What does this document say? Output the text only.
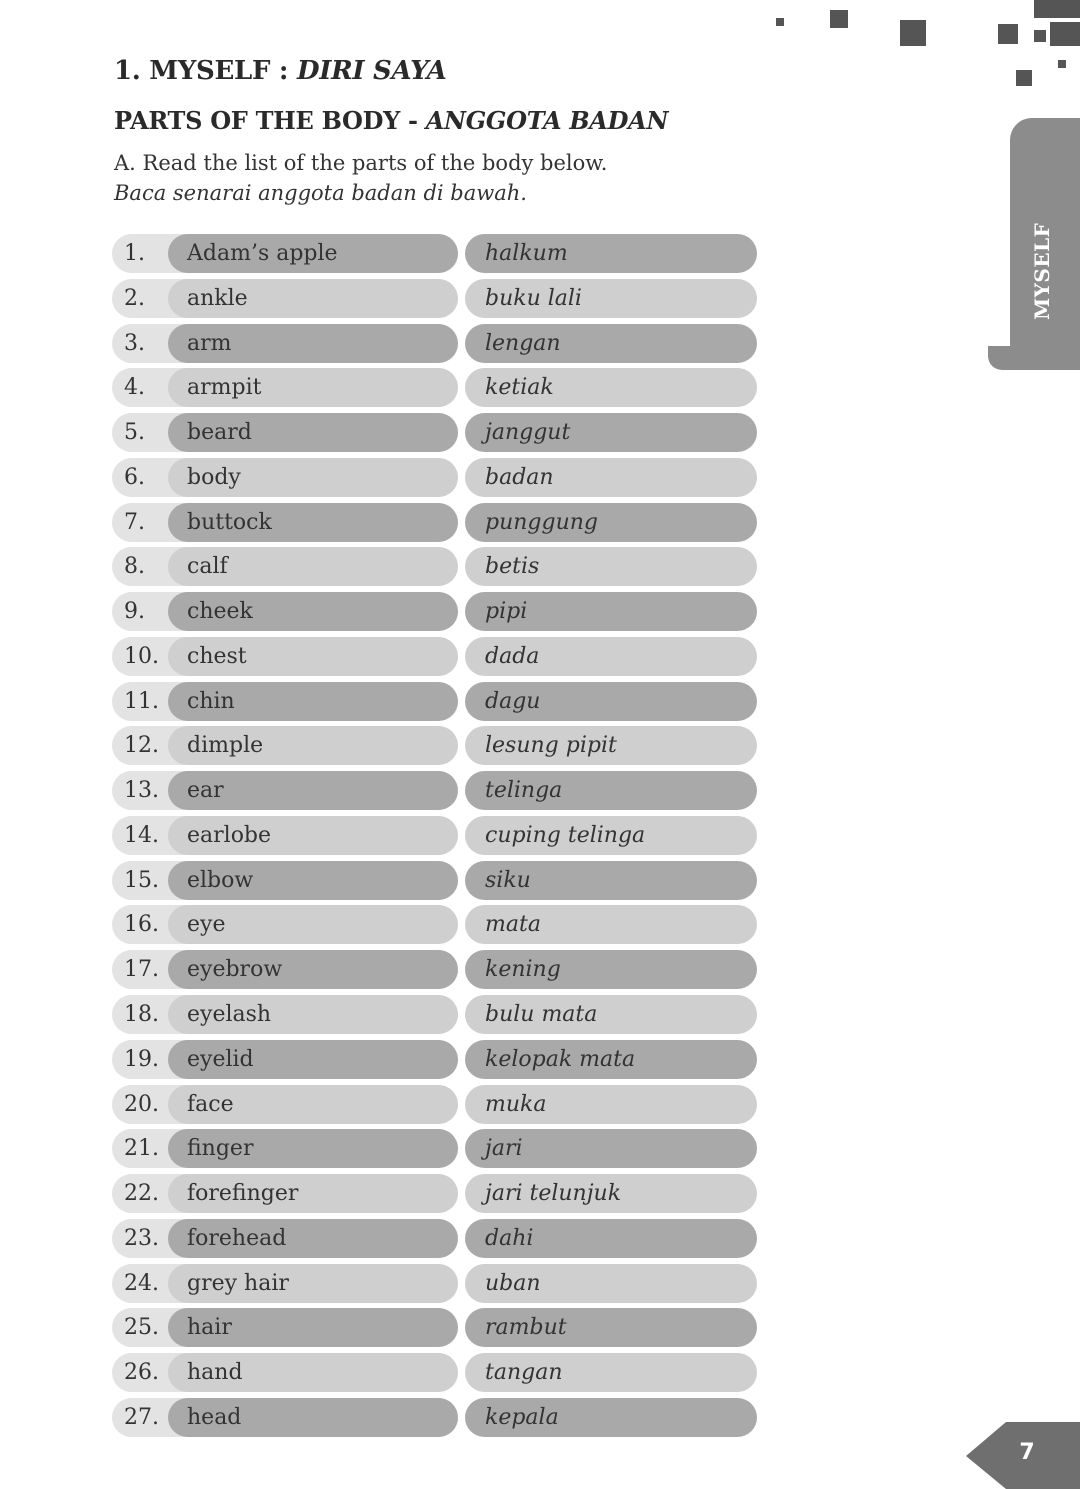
MYSELF
1. MYSELF : DIRI SAYA
PARTS OF THE BODY - ANGGOTA BADAN

A. Read the list of the parts of the body below.
Baca senarai anggota badan di bawah.

1.	Adam’s apple	halkum
2.	ankle	buku lali
3.	arm	lengan
4.	armpit	ketiak
5.	beard	janggut
6.	body	badan
7.	buttock	punggung
8.	calf	betis
9.	cheek	pipi
10.	chest	dada
11.	chin	dagu
12.	dimple	lesung pipit
13.	ear	telinga
14.	earlobe	cuping telinga
15.	elbow	siku
16.	eye	mata
17.	eyebrow	kening
18.	eyelash	bulu mata
19.	eyelid	kelopak mata
20.	face	muka
21.	finger	jari
22.	forefinger	jari telunjuk
23.	forehead	dahi
24.	grey hair	uban
25.	hair	rambut
26.	hand	tangan
27.	head	kepala
7
